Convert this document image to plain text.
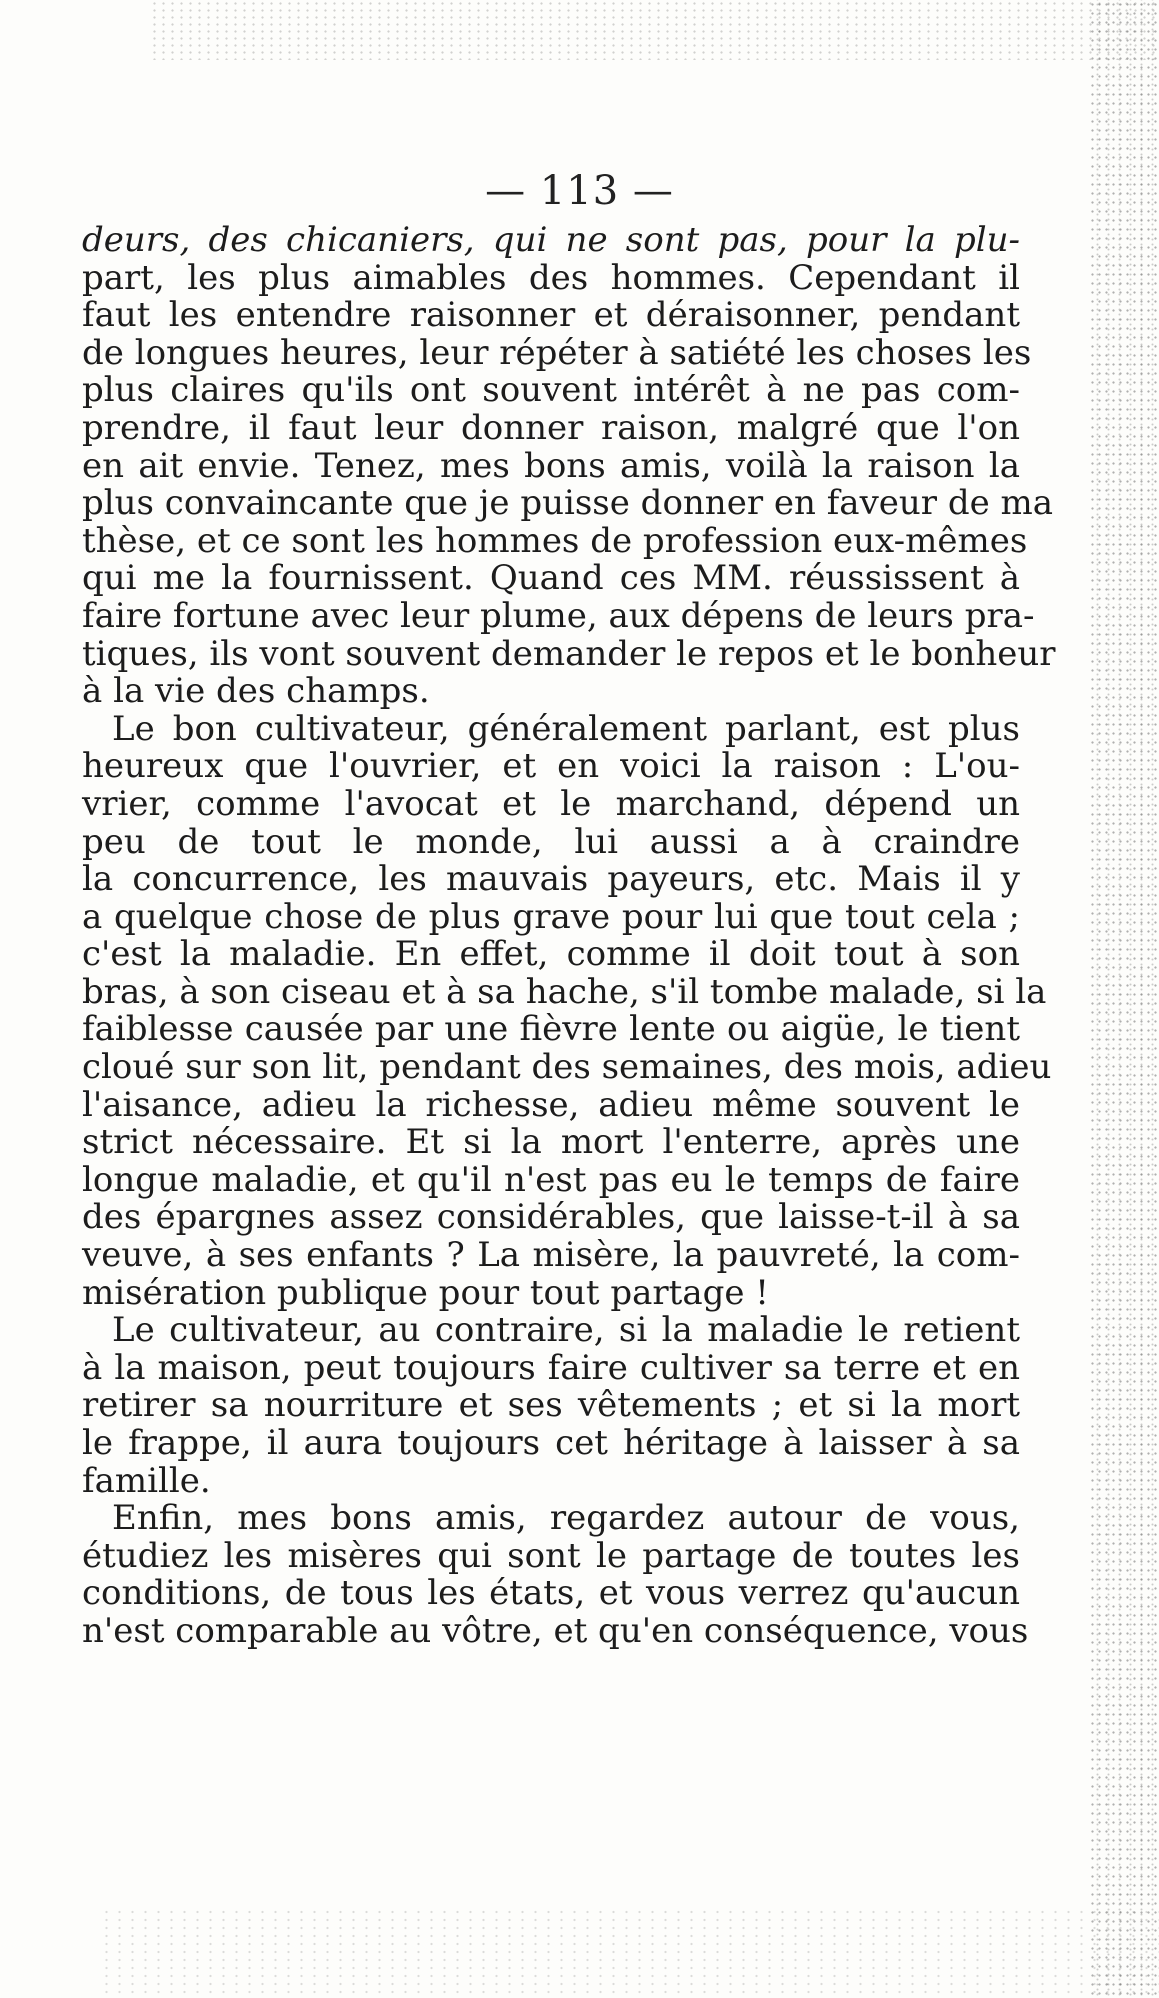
— 113 —
deurs, des chicaniers, qui ne sont pas, pour la plu-
part, les plus aimables des hommes. Cependant il
faut les entendre raisonner et déraisonner, pendant
de longues heures, leur répéter à satiété les choses les
plus claires qu'ils ont souvent intérêt à ne pas com-
prendre, il faut leur donner raison, malgré que l'on
en ait envie. Tenez, mes bons amis, voilà la raison la
plus convaincante que je puisse donner en faveur de ma
thèse, et ce sont les hommes de profession eux-mêmes
qui me la fournissent. Quand ces MM. réussissent à
faire fortune avec leur plume, aux dépens de leurs pra-
tiques, ils vont souvent demander le repos et le bonheur
à la vie des champs.
Le bon cultivateur, généralement parlant, est plus
heureux que l'ouvrier, et en voici la raison : L'ou-
vrier, comme l'avocat et le marchand, dépend un
peu de tout le monde, lui aussi a à craindre
la concurrence, les mauvais payeurs, etc. Mais il y
a quelque chose de plus grave pour lui que tout cela ;
c'est la maladie. En effet, comme il doit tout à son
bras, à son ciseau et à sa hache, s'il tombe malade, si la
faiblesse causée par une fièvre lente ou aigüe, le tient
cloué sur son lit, pendant des semaines, des mois, adieu
l'aisance, adieu la richesse, adieu même souvent le
strict nécessaire. Et si la mort l'enterre, après une
longue maladie, et qu'il n'est pas eu le temps de faire
des épargnes assez considérables, que laisse-t-il à sa
veuve, à ses enfants ? La misère, la pauvreté, la com-
misération publique pour tout partage !
Le cultivateur, au contraire, si la maladie le retient
à la maison, peut toujours faire cultiver sa terre et en
retirer sa nourriture et ses vêtements ; et si la mort
le frappe, il aura toujours cet héritage à laisser à sa
famille.
Enfin, mes bons amis, regardez autour de vous,
étudiez les misères qui sont le partage de toutes les
conditions, de tous les états, et vous verrez qu'aucun
n'est comparable au vôtre, et qu'en conséquence, vous
